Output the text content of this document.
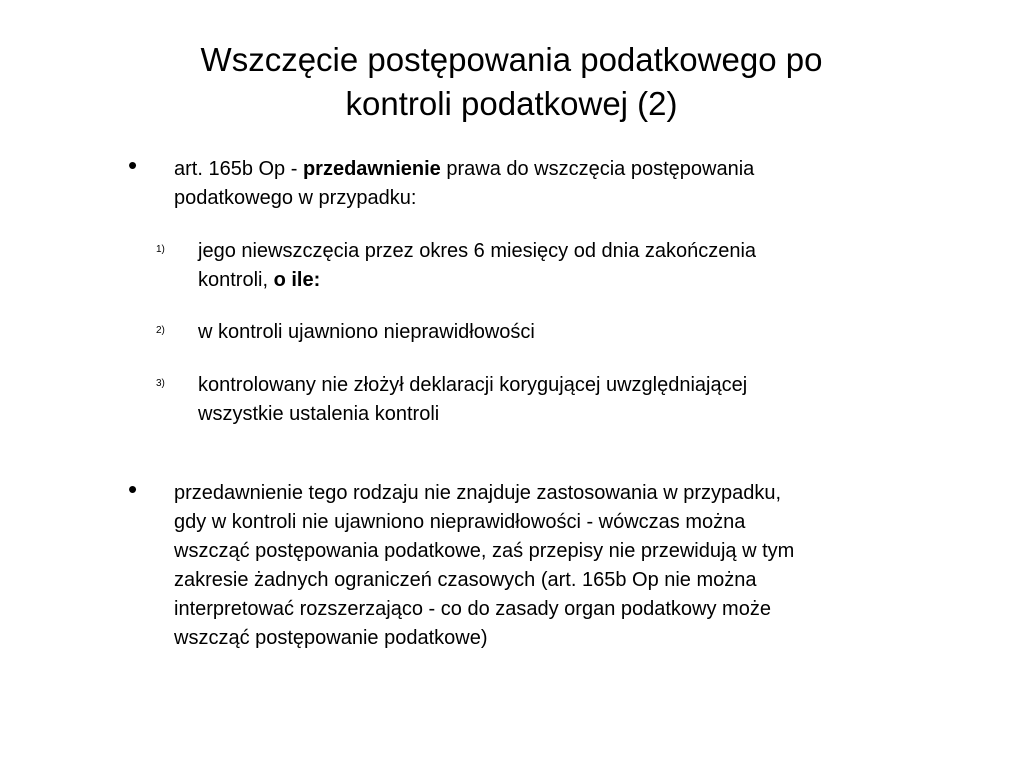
Wszczęcie postępowania podatkowego po
kontroli podatkowej (2)
• art. 165b Op - przedawnienie prawa do wszczęcia postępowania
podatkowego w przypadku:

1) jego niewszczęcia przez okres 6 miesięcy od dnia zakończenia
kontroli, o ile:
2) w kontroli ujawniono nieprawidłowości
3) kontrolowany nie złożył deklaracji korygującej uwzględniającej
wszystkie ustalenia kontroli
• przedawnienie tego rodzaju nie znajduje zastosowania w przypadku,
gdy w kontroli nie ujawniono nieprawidłowości - wówczas można
wszcząć postępowania podatkowe, zaś przepisy nie przewidują w tym
zakresie żadnych ograniczeń czasowych (art. 165b Op nie można
interpretować rozszerzająco - co do zasady organ podatkowy może
wszcząć postępowanie podatkowe)
